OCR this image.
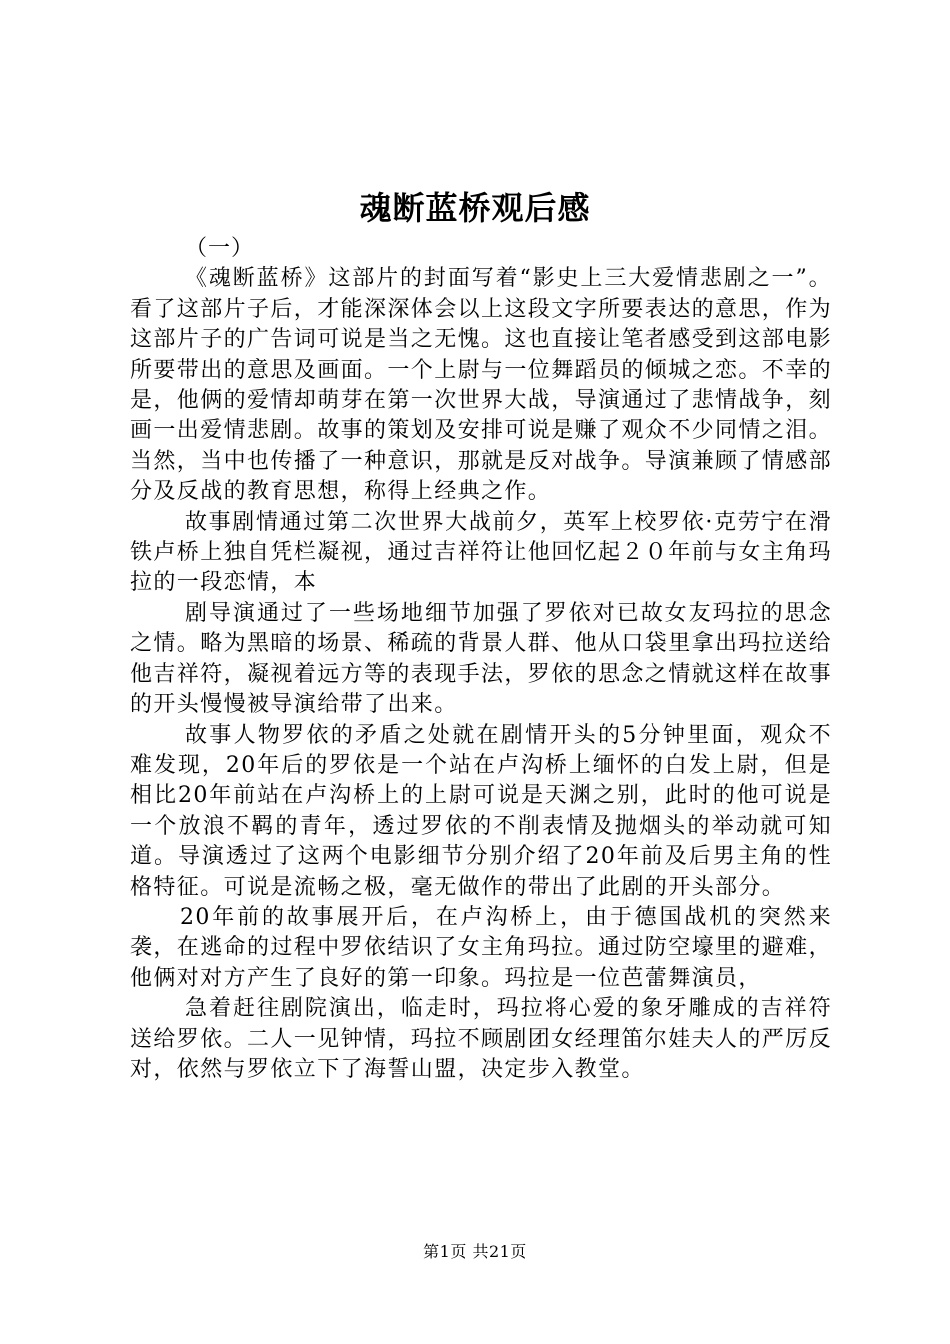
魂断蓝桥观后感

（一）

《魂断蓝桥》这部片的封面写着“影史上三大爱情悲剧之一”。看了这部片子后，才能深深体会以上这段文字所要表达的意思，作为这部片子的广告词可说是当之无愧。这也直接让笔者感受到这部电影所要带出的意思及画面。一个上尉与一位舞蹈员的倾城之恋。不幸的是，他俩的爱情却萌芽在第一次世界大战，导演通过了悲情战争，刻画一出爱情悲剧。故事的策划及安排可说是赚了观众不少同情之泪。当然，当中也传播了一种意识，那就是反对战争。导演兼顾了情感部分及反战的教育思想，称得上经典之作。

故事剧情通过第二次世界大战前夕，英军上校罗依·克劳宁在滑铁卢桥上独自凭栏凝视，通过吉祥符让他回忆起２０年前与女主角玛拉的一段恋情，本

剧导演通过了一些场地细节加强了罗依对已故女友玛拉的思念之情。略为黑暗的场景、稀疏的背景人群、他从口袋里拿出玛拉送给他吉祥符，凝视着远方等的表现手法，罗依的思念之情就这样在故事的开头慢慢被导演给带了出来。

故事人物罗依的矛盾之处就在剧情开头的5分钟里面，观众不难发现，20年后的罗依是一个站在卢沟桥上缅怀的白发上尉，但是相比20年前站在卢沟桥上的上尉可说是天渊之别，此时的他可说是一个放浪不羁的青年，透过罗依的不削表情及抛烟头的举动就可知道。导演透过了这两个电影细节分别介绍了20年前及后男主角的性格特征。可说是流畅之极，毫无做作的带出了此剧的开头部分。

20年前的故事展开后，在卢沟桥上，由于德国战机的突然来袭，在逃命的过程中罗依结识了女主角玛拉。通过防空壕里的避难，他俩对对方产生了良好的第一印象。玛拉是一位芭蕾舞演员，

急着赶往剧院演出，临走时，玛拉将心爱的象牙雕成的吉祥符送给罗依。二人一见钟情，玛拉不顾剧团女经理笛尔娃夫人的严厉反对，依然与罗依立下了海誓山盟，决定步入教堂。

第1页 共21页
